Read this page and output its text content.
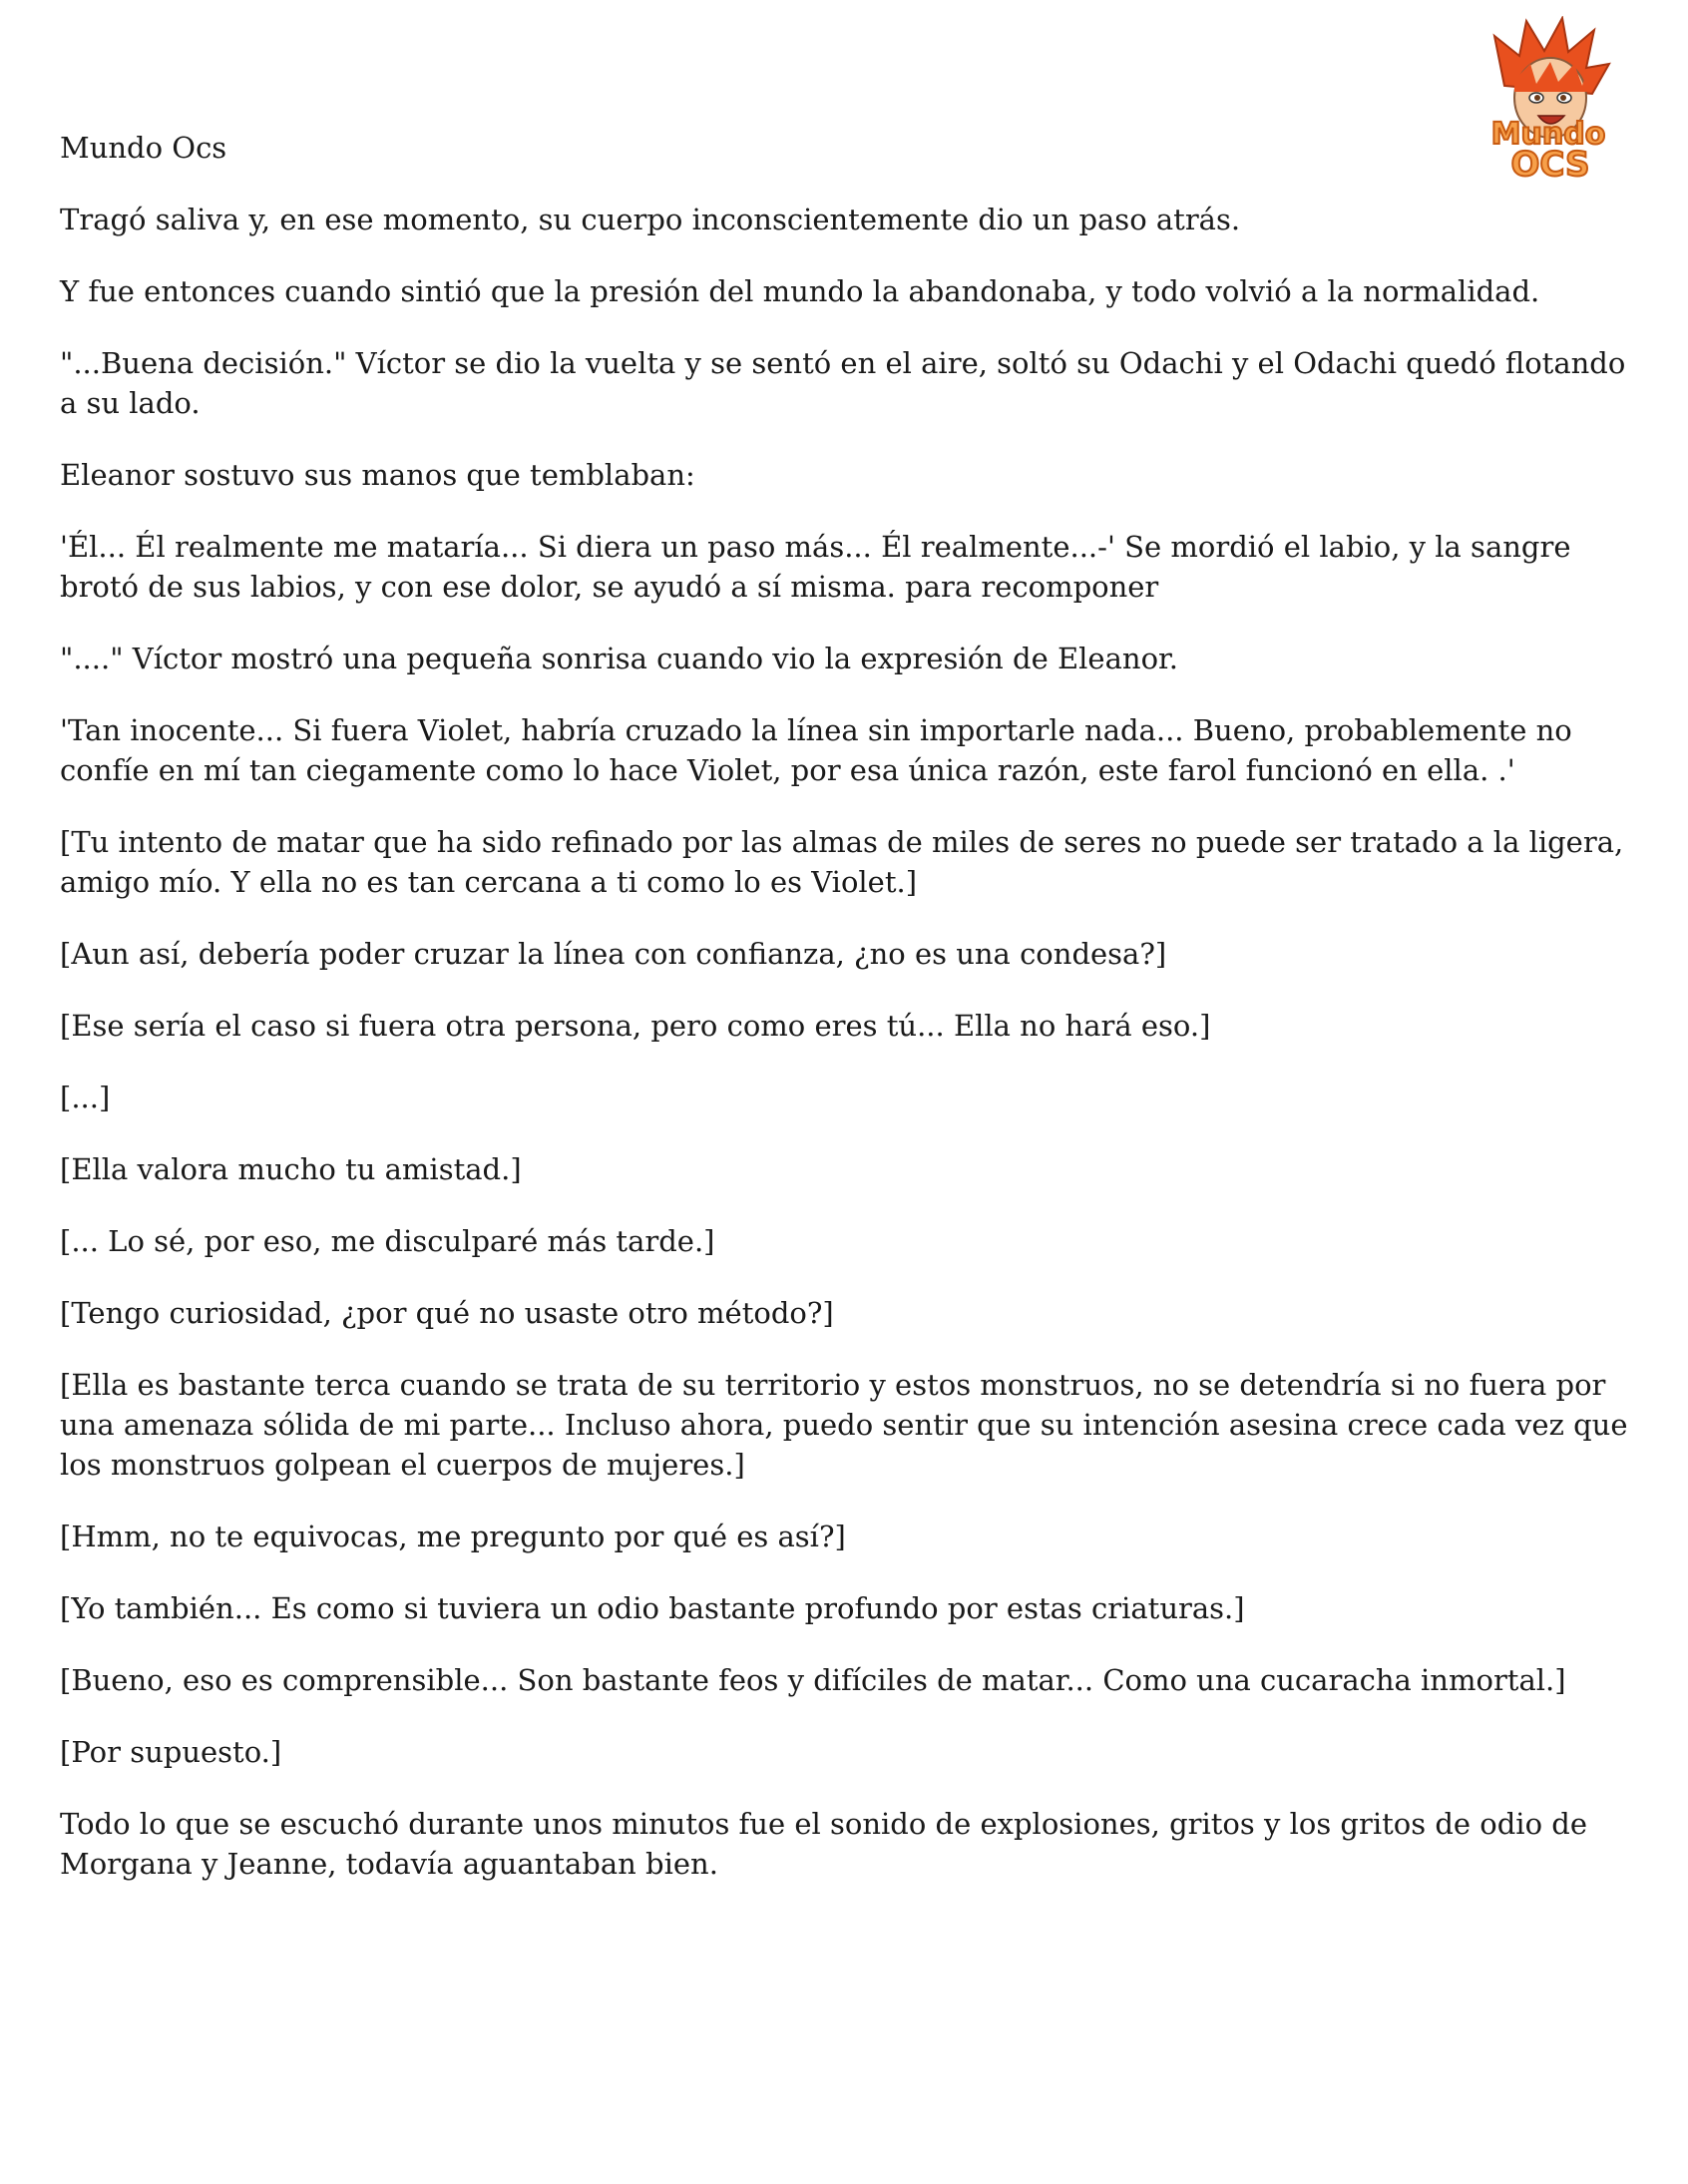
Mundo
OCS
Mundo Ocs

Tragó saliva y, en ese momento, su cuerpo inconscientemente dio un paso atrás.

Y fue entonces cuando sintió que la presión del mundo la abandonaba, y todo volvió a la normalidad.

"...Buena decisión." Víctor se dio la vuelta y se sentó en el aire, soltó su Odachi y el Odachi quedó flotando a su lado.

Eleanor sostuvo sus manos que temblaban:

'Él... Él realmente me mataría... Si diera un paso más... Él realmente...-' Se mordió el labio, y la sangre brotó de sus labios, y con ese dolor, se ayudó a sí misma. para recomponer

"...." Víctor mostró una pequeña sonrisa cuando vio la expresión de Eleanor.

'Tan inocente... Si fuera Violet, habría cruzado la línea sin importarle nada... Bueno, probablemente no confíe en mí tan ciegamente como lo hace Violet, por esa única razón, este farol funcionó en ella. .'

[Tu intento de matar que ha sido refinado por las almas de miles de seres no puede ser tratado a la ligera, amigo mío. Y ella no es tan cercana a ti como lo es Violet.]

[Aun así, debería poder cruzar la línea con confianza, ¿no es una condesa?]

[Ese sería el caso si fuera otra persona, pero como eres tú... Ella no hará eso.]

[...]

[Ella valora mucho tu amistad.]

[... Lo sé, por eso, me disculparé más tarde.]

[Tengo curiosidad, ¿por qué no usaste otro método?]

[Ella es bastante terca cuando se trata de su territorio y estos monstruos, no se detendría si no fuera por una amenaza sólida de mi parte... Incluso ahora, puedo sentir que su intención asesina crece cada vez que los monstruos golpean el cuerpos de mujeres.]

[Hmm, no te equivocas, me pregunto por qué es así?]

[Yo también... Es como si tuviera un odio bastante profundo por estas criaturas.]

[Bueno, eso es comprensible... Son bastante feos y difíciles de matar... Como una cucaracha inmortal.]

[Por supuesto.]

Todo lo que se escuchó durante unos minutos fue el sonido de explosiones, gritos y los gritos de odio de Morgana y Jeanne, todavía aguantaban bien.
